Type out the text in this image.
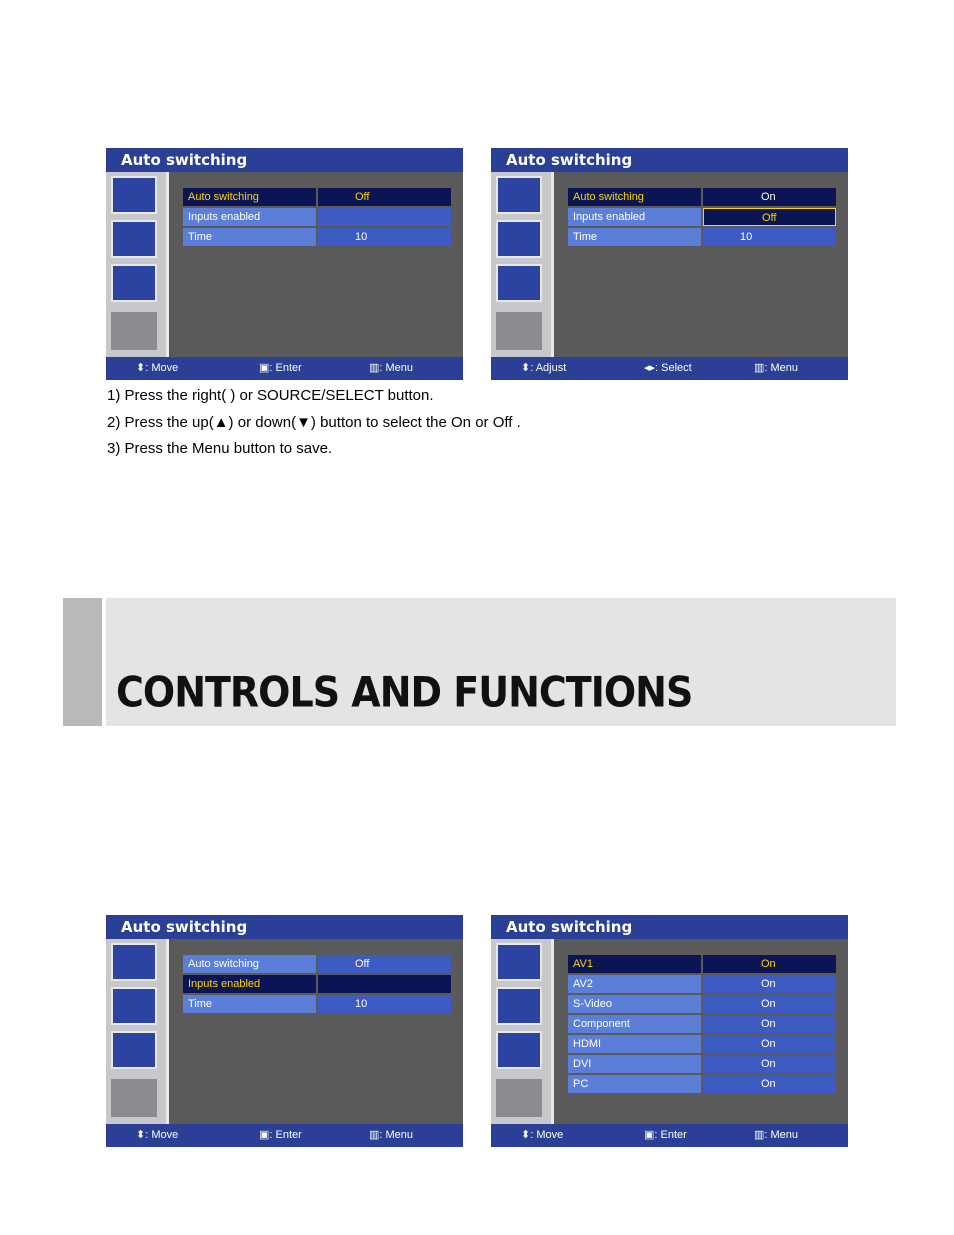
Auto switching
Auto switching	Off
Inputs enabled
Time	10
⬍: Move	▣: Enter	▥: Menu
Auto switching
Auto switching	On
Inputs enabled	Off
Time	10
⬍: Adjust	◂▸: Select	▥: Menu
1) Press the right( ) or SOURCE/SELECT button.
2) Press the up(▲) or down(▼) button to select the On or Off .
3) Press the Menu button to save.
CONTROLS AND FUNCTIONS
Auto switching
Auto switching	Off
Inputs enabled
Time	10
⬍: Move	▣: Enter	▥: Menu
Auto switching
AV1	On
AV2	On
S-Video	On
Component	On
HDMI	On
DVI	On
PC	On
⬍: Move	▣: Enter	▥: Menu
